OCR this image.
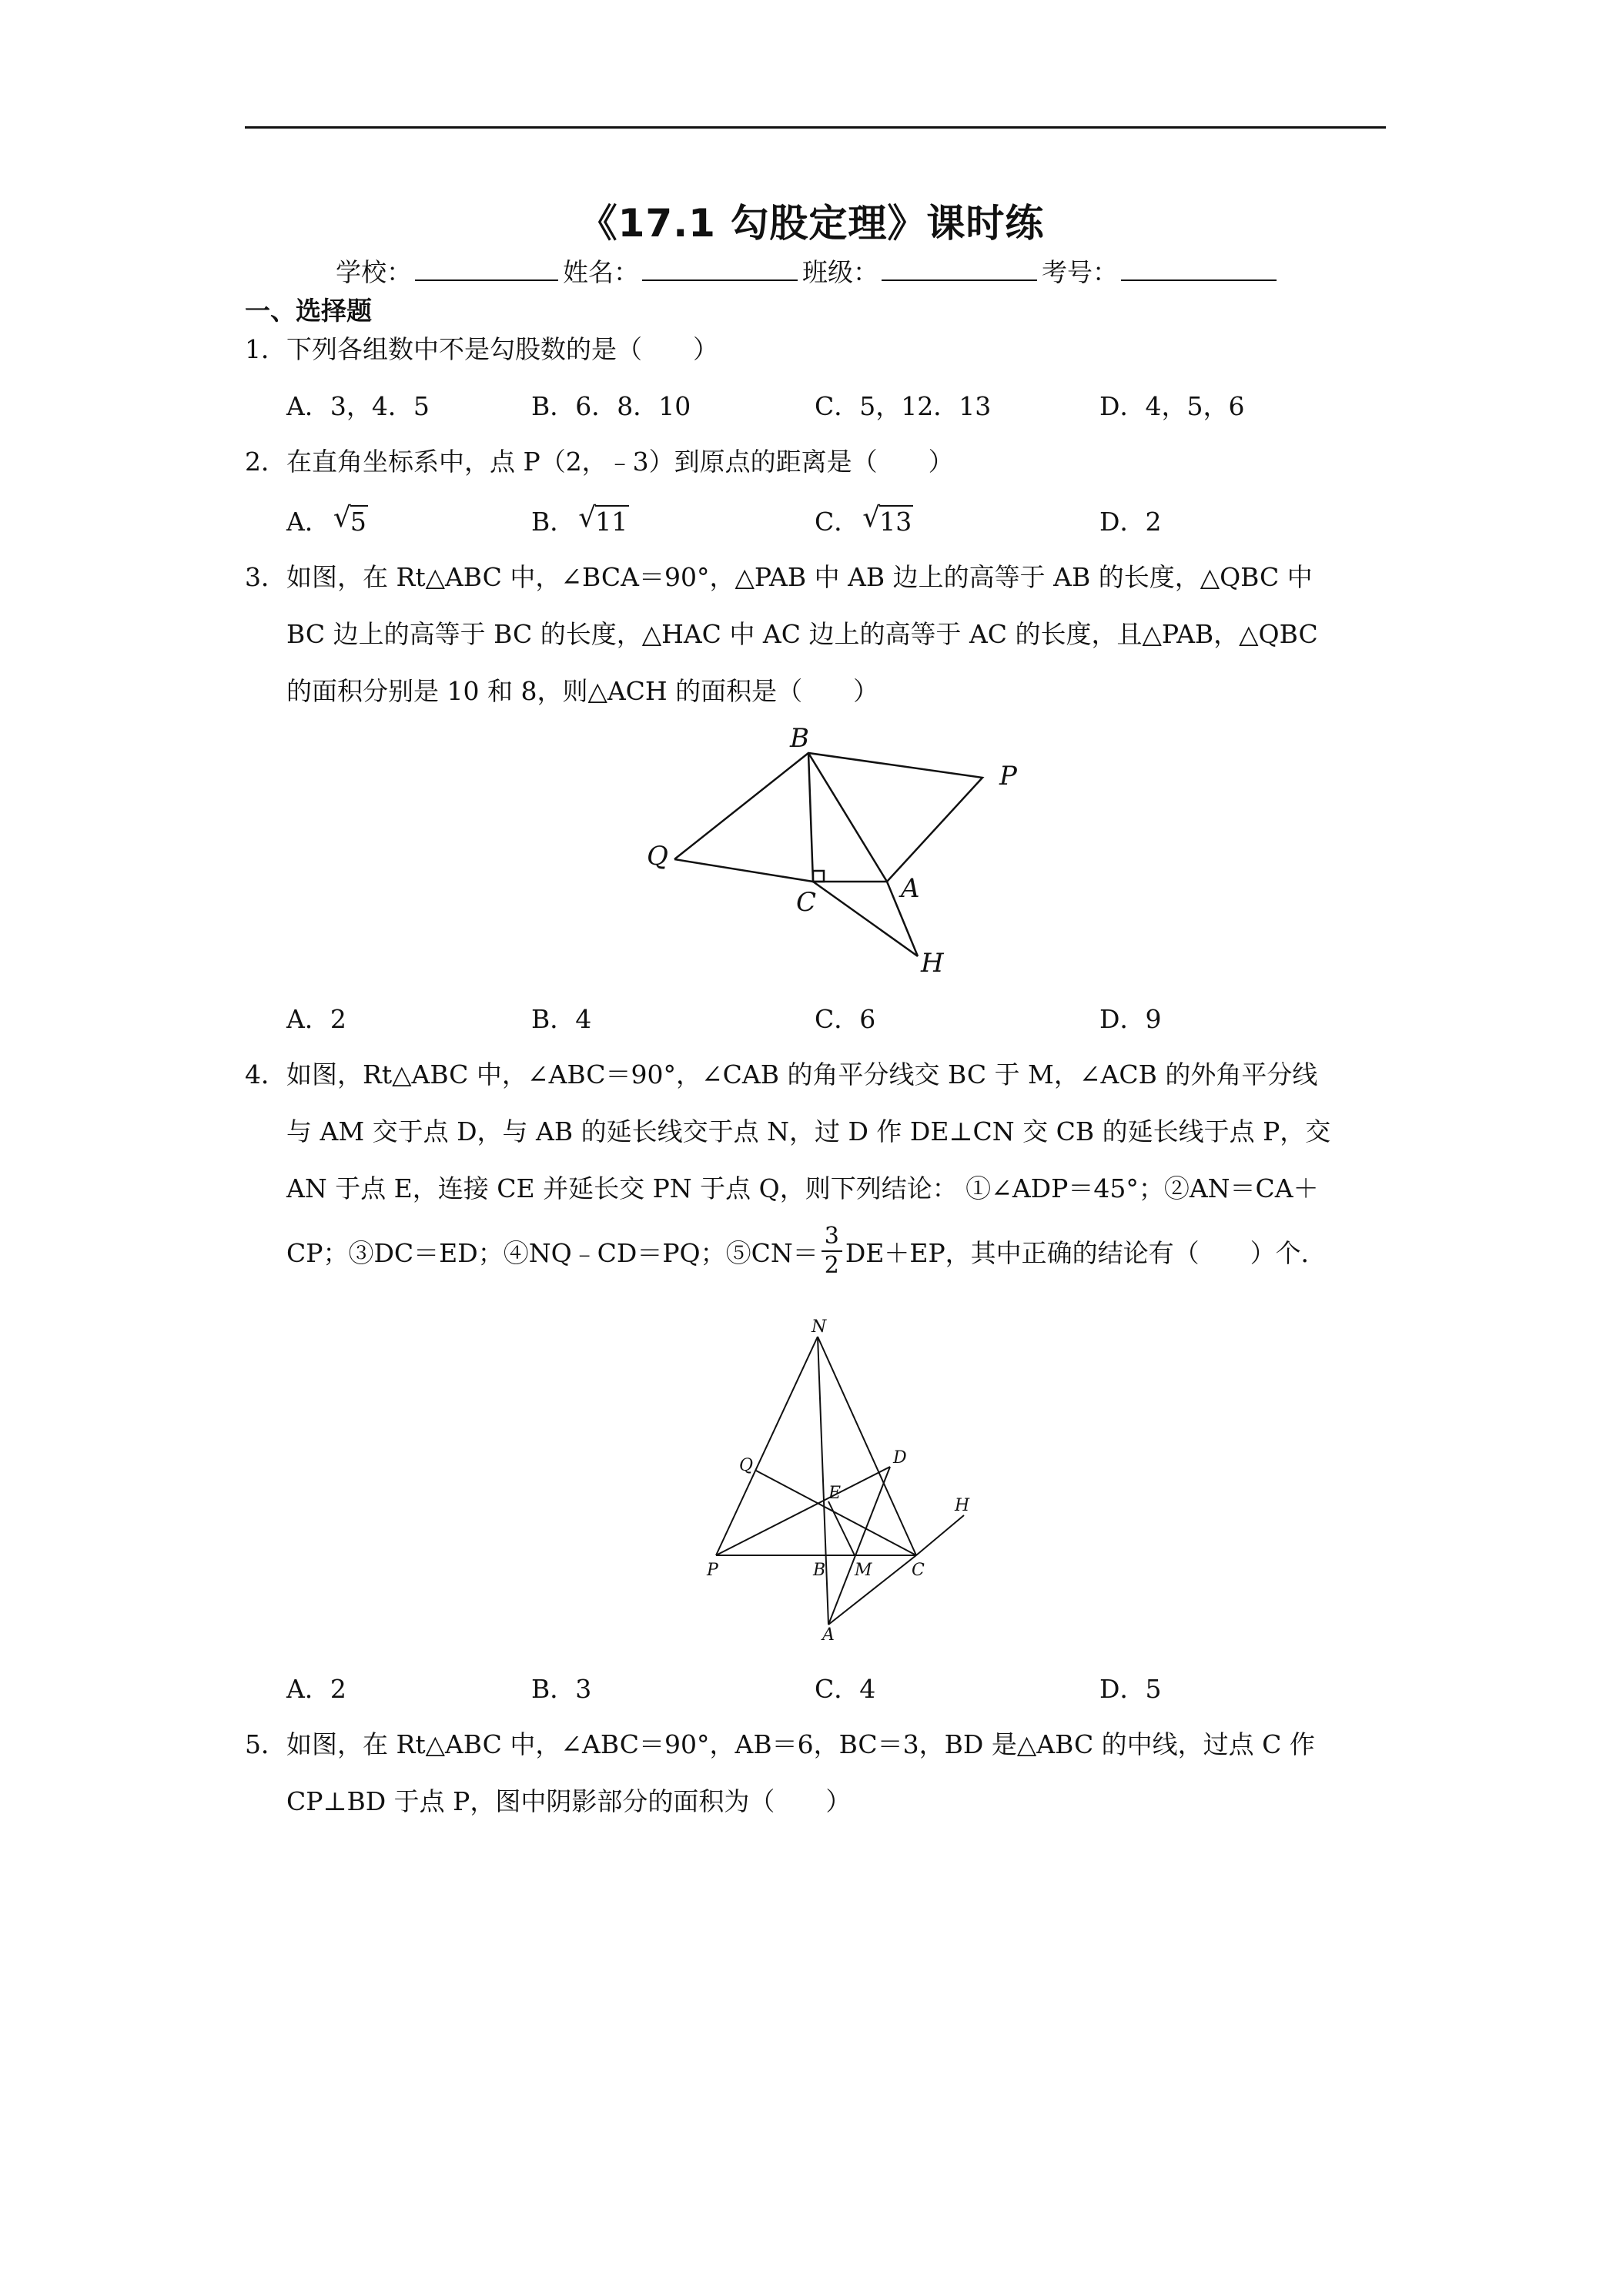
《17.1 勾股定理》课时练
学校：	姓名：	班级：	考号：
一、选择题
1．下列各组数中不是勾股数的是（　　）
A．3，4．5	B．6．8．10	C．5，12．13	D．4，5，6
2．在直角坐标系中，点 P（2，﹣3）到原点的距离是（　　）
A． √ 5	B． √ 11	C． √ 13	D．2
3．如图，在 Rt△ABC 中，∠BCA＝90°，△PAB 中 AB 边上的高等于 AB 的长度，△QBC 中
BC 边上的高等于 BC 的长度，△HAC 中 AC 边上的高等于 AC 的长度，且△PAB，△QBC
的面积分别是 10 和 8，则△ACH 的面积是（　　）
B
P
Q
C	A
H
A．2	B．4	C．6	D．9
4．如图，Rt△ABC 中，∠ABC＝90°，∠CAB 的角平分线交 BC 于 M，∠ACB 的外角平分线
与 AM 交于点 D，与 AB 的延长线交于点 N，过 D 作 DE⊥CN 交 CB 的延长线于点 P，交
AN 于点 E，连接 CE 并延长交 PN 于点 Q，则下列结论： ①∠ADP＝45°；②AN＝CA＋
CP；③DC＝ED；④NQ﹣CD＝PQ；⑤CN＝ $\frac{3}{2} DE+EP$，其中正确的结论有（　　）个．
N
Q	D
E
H
P	B M C
A
A．2	B．3	C．4	D．5
5．如图，在 Rt△ABC 中，∠ABC＝90°，AB＝6，BC＝3，BD 是△ABC 的中线，过点 C 作
CP⊥BD 于点 P，图中阴影部分的面积为（　　）
